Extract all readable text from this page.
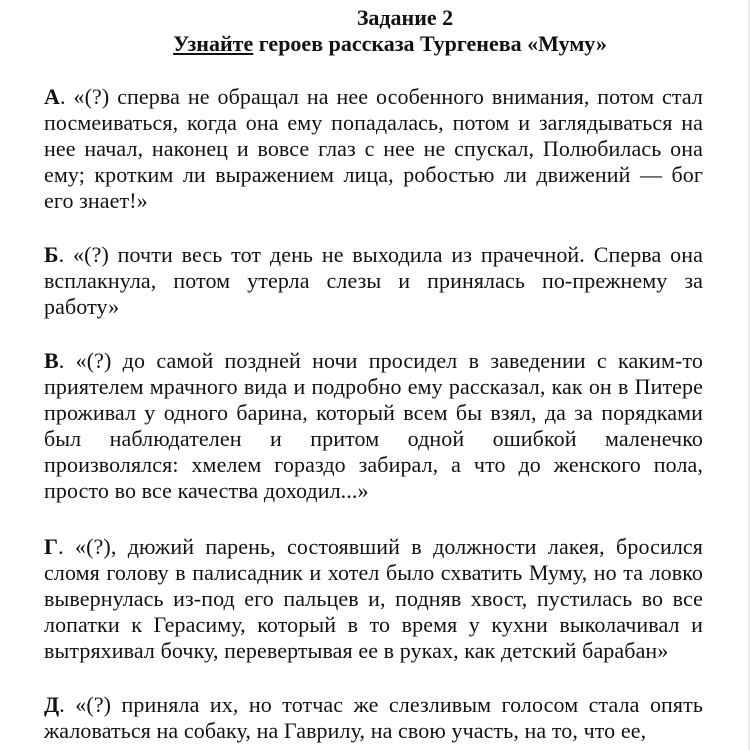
Задание 2
Узнайте героев рассказа Тургенева «Муму»

А. «(?) сперва не обращал на нее особенного внимания, потом стал посмеиваться, когда она ему попадалась, потом и заглядываться на нее начал, наконец и вовсе глаз с нее не спускал, Полюбилась она ему; кротким ли выражением лица, робостью ли движений — бог его знает!»

Б. «(?) почти весь тот день не выходила из прачечной. Сперва она всплакнула, потом утерла слезы и принялась по-прежнему за работу»

В. «(?) до самой поздней ночи просидел в заведении с каким-то приятелем мрачного вида и подробно ему рассказал, как он в Питере проживал у одного барина, который всем бы взял, да за порядками был наблюдателен и притом одной ошибкой маленечко произволялся: хмелем гораздо забирал, а что до женского пола, просто во все качества доходил...»

Г. «(?), дюжий парень, состоявший в должности лакея, бросился сломя голову в палисадник и хотел было схватить Муму, но та ловко вывернулась из-под его пальцев и, подняв хвост, пустилась во все лопатки к Герасиму, который в то время у кухни выколачивал и вытряхивал бочку, перевертывая ее в руках, как детский барабан»

Д. «(?) приняла их, но тотчас же слезливым голосом стала опять жаловаться на собаку, на Гаврилу, на свою участь, на то, что ее,
